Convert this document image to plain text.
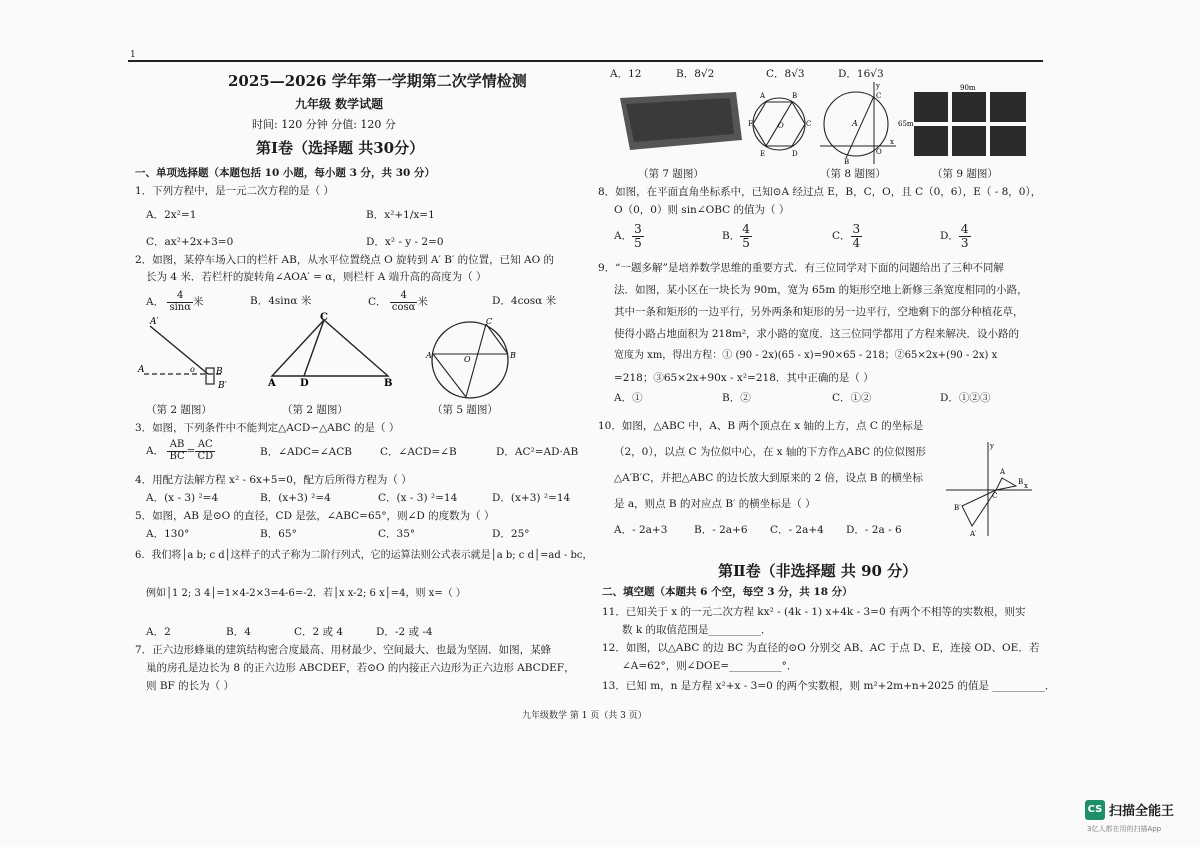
1
2025—2026 学年第一学期第二次学情检测
九年级 数学试题
时间: 120 分钟 分值: 120 分
第Ⅰ卷（选择题 共30分）
一、单项选择题（本题包括 10 小题，每小题 3 分，共 30 分）
1．下列方程中，是一元二次方程的是（ ）
A．2x²=1	B．x²+1/x=1
C．ax²+2x+3=0	D．x² - y - 2=0
2．如图，某停车场入口的栏杆 AB，从水平位置绕点 O 旋转到 A′ B′ 的位置，已知 AO 的
长为 4 米．若栏杆的旋转角∠AOA′ = α，则栏杆 A 端升高的高度为（ ）
A． $\frac{4}{\sin\alpha}$ 米	B．4sinα 米	C． $\frac{4}{\cos\alpha}$ 米	D．4cosα 米
（第 2 题图）	（第 2 题图）	（第 5 题图）
3．如图，下列条件中不能判定△ACD∽△ABC 的是（ ）
A． $\frac{AB}{BC} = \frac{AC}{CD}$	B．∠ADC=∠ACB	C．∠ACD=∠B	D．AC²=AD·AB
4．用配方法解方程 x² - 6x+5=0，配方后所得方程为（ ）
A．(x - 3) ²=4	B．(x+3) ²=4	C．(x - 3) ²=14	D．(x+3) ²=14
5．如图，AB 是⊙O 的直径，CD 是弦，∠ABC=65°，则∠D 的度数为（ ）
A．130°	B．65°	C．35°	D．25°
6．我们将│a b; c d│这样子的式子称为二阶行列式，它的运算法则公式表示就是│a b; c d│=ad - bc，
例如│1 2; 3 4│=1×4-2×3=4-6=-2．若│x x-2; 6 x│=4，则 x=（ ）
A．2	B．4	C．2 或 4	D．-2 或 -4
7．正六边形蜂巢的建筑结构密合度最高、用材最少、空间最大、也最为坚固．如图，某蜂
巢的房孔是边长为 8 的正六边形 ABCDEF，若⊙O 的内接正六边形为正六边形 ABCDEF，
则 BF 的长为（ ）
A′
A	o B
B′
C
A D	B
A	B
C
O
A．12	B．8√2	C．8√3	D．16√3
（第 7 题图）	（第 8 题图）	（第 9 题图）
8．如图，在平面直角坐标系中，已知⊙A 经过点 E，B，C，O，且 C（0，6），E（ - 8，0），
O（0，0）则 sin∠OBC 的值为（ ）
A． $\frac{3}{5}$	B． $\frac{4}{5}$	C． $\frac{3}{4}$	D． $\frac{4}{3}$
9．“一题多解”是培养数学思维的重要方式．有三位同学对下面的问题给出了三种不同解
法．如图，某小区在一块长为 90m，宽为 65m 的矩形空地上新修三条宽度相同的小路，
其中一条和矩形的一边平行，另外两条和矩形的另一边平行，空地剩下的部分种植花草，
使得小路占地面积为 218m²，求小路的宽度．这三位同学都用了方程来解决．设小路的
宽度为 xm，得出方程：① (90 - 2x)(65 - x)=90×65 - 218；②65×2x+(90 - 2x) x
=218；③65×2x+90x - x²=218．其中正确的是（ ）
A．①	B．②	C．①②	D．①②③
10．如图，△ABC 中，A、B 两个顶点在 x 轴的上方，点 C 的坐标是
（2，0），以点 C 为位似中心，在 x 轴的下方作△ABC 的位似图形
△A′B′C，并把△ABC 的边长放大到原来的 2 倍，设点 B 的横坐标
是 a，则点 B 的对应点 B′ 的横坐标是（ ）
A．- 2a+3	B．- 2a+6 C．- 2a+4 D．- 2a - 6
第Ⅱ卷（非选择题 共 90 分）
二、填空题（本题共 6 个空，每空 3 分，共 18 分）
11．已知关于 x 的一元二次方程 kx² - (4k - 1) x+4k - 3=0 有两个不相等的实数根，则实
数 k 的取值范围是__________．
12．如图，以△ABC 的边 BC 为直径的⊙O 分别交 AB、AC 于点 D、E，连接 OD、OE．若
∠A=62°，则∠DOE=__________°．
13．已知 m，n 是方程 x²+x - 3=0 的两个实数根，则 m²+2m+n+2025 的值是 __________．
O
A	B
C
D
E
F	A
C
y
x
B
O
90m
65m
y
x
B
A
B′
A′
C
九年级数学 第 1 页（共 3 页）
CS 扫描全能王
3亿人都在用的扫描App
